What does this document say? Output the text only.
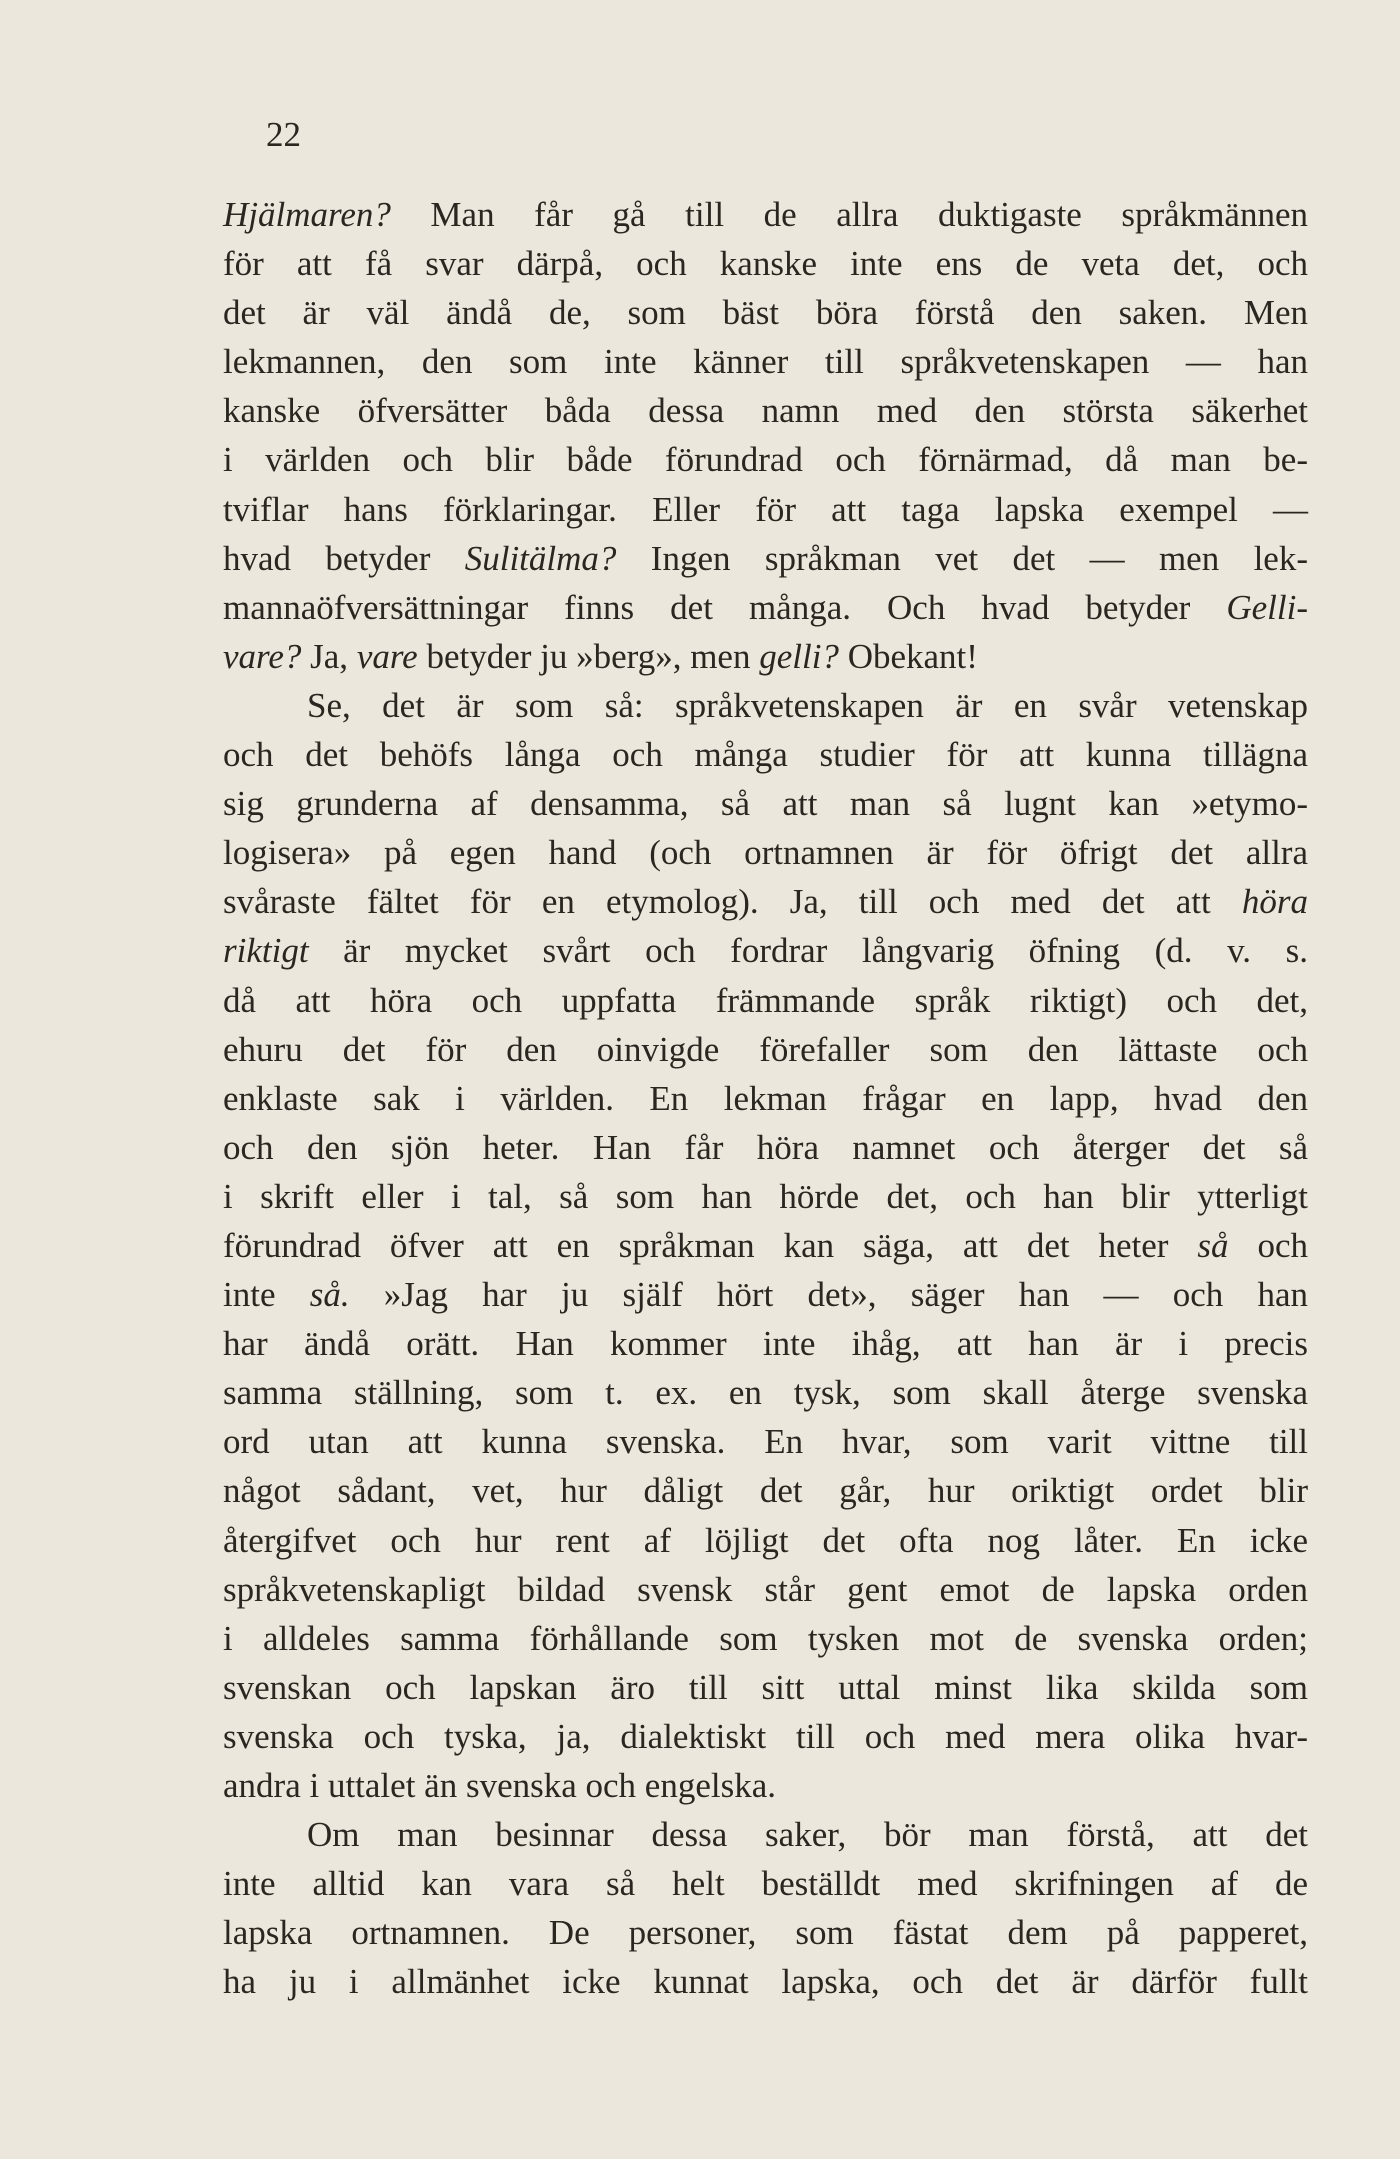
22

Hjälmaren? Man får gå till de allra duktigaste språkmännen
för att få svar därpå, och kanske inte ens de veta det, och
det är väl ändå de, som bäst böra förstå den saken. Men
lekmannen, den som inte känner till språkvetenskapen — han
kanske öfversätter båda dessa namn med den största säkerhet
i världen och blir både förundrad och förnärmad, då man be-
tviflar hans förklaringar. Eller för att taga lapska exempel —
hvad betyder Sulitälma? Ingen språkman vet det — men lek-
mannaöfversättningar finns det många. Och hvad betyder Gelli-
vare? Ja, vare betyder ju »berg», men gelli? Obekant!
Se, det är som så: språkvetenskapen är en svår vetenskap
och det behöfs långa och många studier för att kunna tillägna
sig grunderna af densamma, så att man så lugnt kan »etymo-
logisera» på egen hand (och ortnamnen är för öfrigt det allra
svåraste fältet för en etymolog). Ja, till och med det att höra
riktigt är mycket svårt och fordrar långvarig öfning (d. v. s.
då att höra och uppfatta främmande språk riktigt) och det,
ehuru det för den oinvigde förefaller som den lättaste och
enklaste sak i världen. En lekman frågar en lapp, hvad den
och den sjön heter. Han får höra namnet och återger det så
i skrift eller i tal, så som han hörde det, och han blir ytterligt
förundrad öfver att en språkman kan säga, att det heter så och
inte så. »Jag har ju själf hört det», säger han — och han
har ändå orätt. Han kommer inte ihåg, att han är i precis
samma ställning, som t. ex. en tysk, som skall återge svenska
ord utan att kunna svenska. En hvar, som varit vittne till
något sådant, vet, hur dåligt det går, hur oriktigt ordet blir
återgifvet och hur rent af löjligt det ofta nog låter. En icke
språkvetenskapligt bildad svensk står gent emot de lapska orden
i alldeles samma förhållande som tysken mot de svenska orden;
svenskan och lapskan äro till sitt uttal minst lika skilda som
svenska och tyska, ja, dialektiskt till och med mera olika hvar-
andra i uttalet än svenska och engelska.
Om man besinnar dessa saker, bör man förstå, att det
inte alltid kan vara så helt beställdt med skrifningen af de
lapska ortnamnen. De personer, som fästat dem på papperet,
ha ju i allmänhet icke kunnat lapska, och det är därför fullt
